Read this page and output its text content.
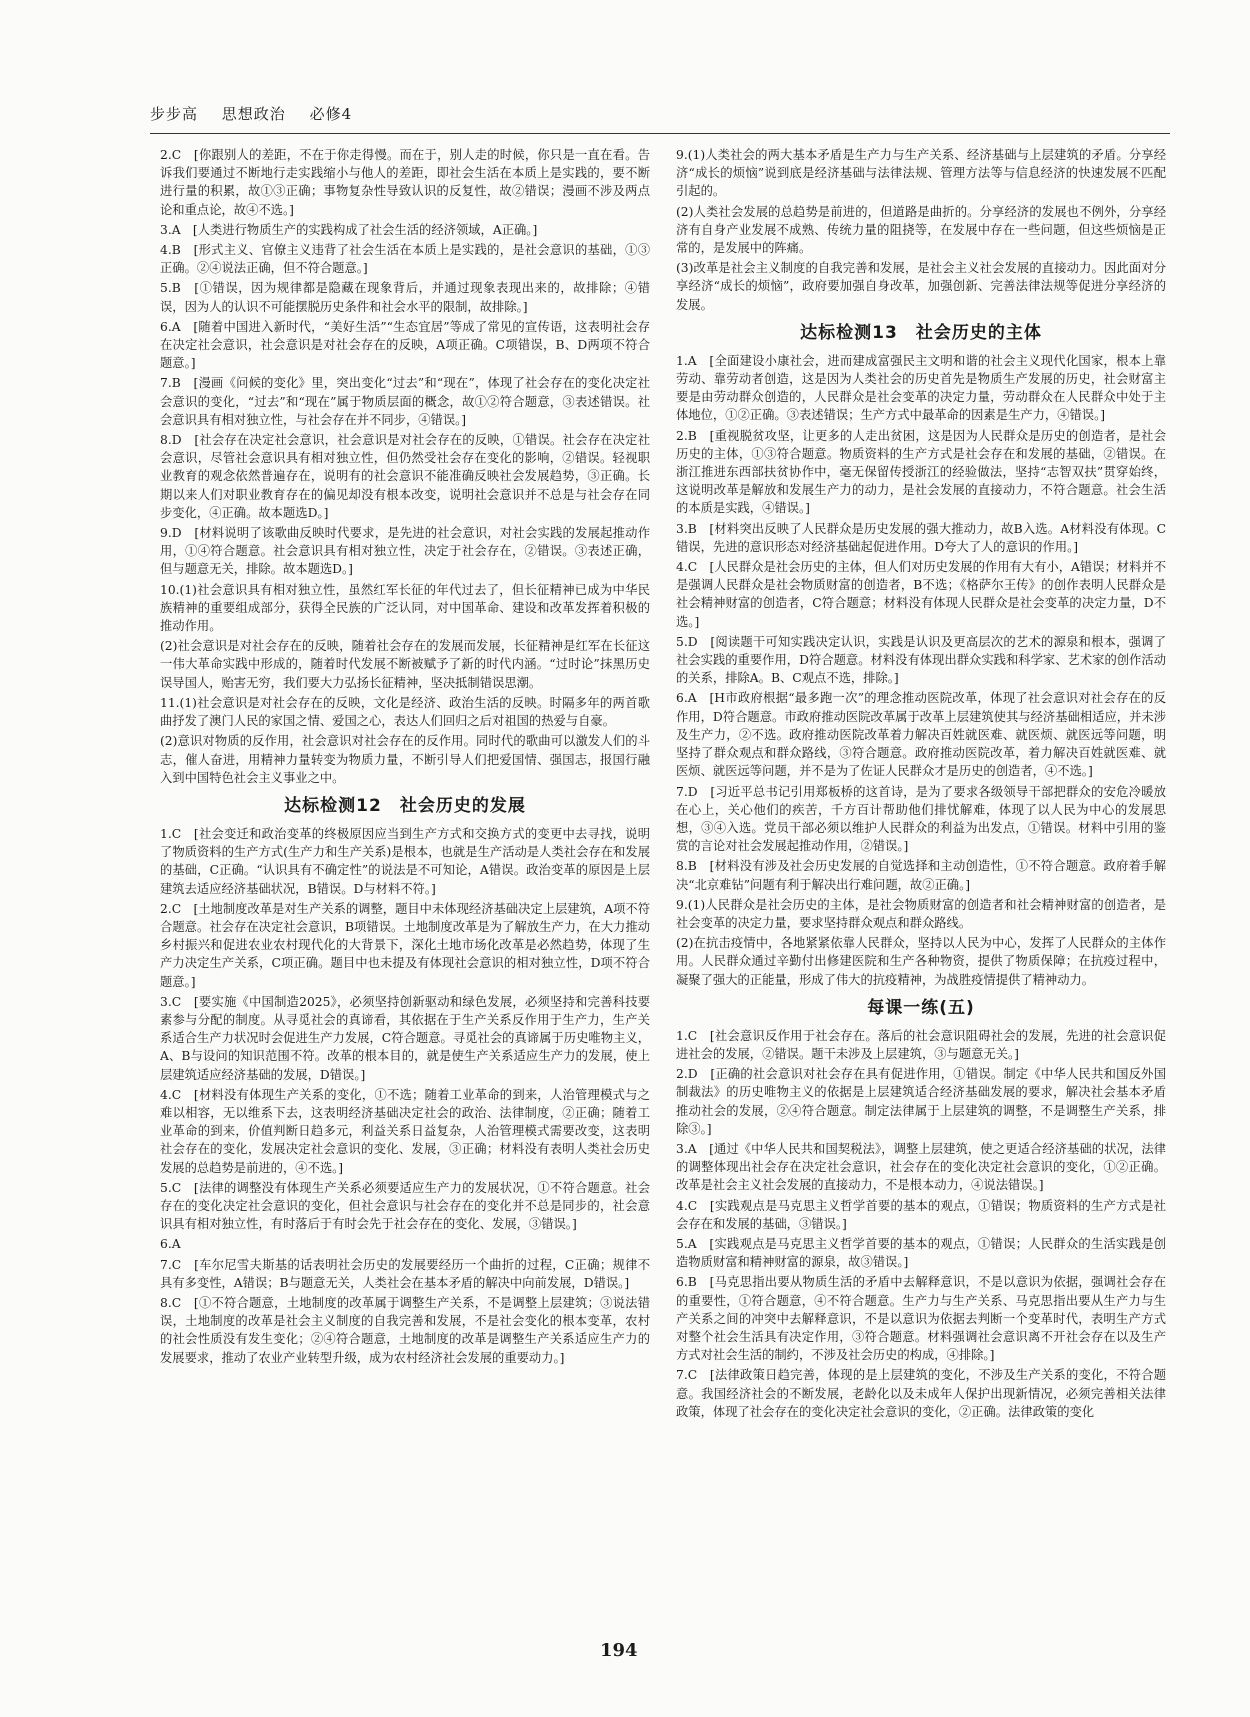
步步高 思想政治 必修4
2.C　[你跟别人的差距，不在于你走得慢。而在于，别人走的时候，你只是一直在看。告诉我们要通过不断地行走实践缩小与他人的差距，即社会生活在本质上是实践的，要不断进行量的积累，故①③正确；事物复杂性导致认识的反复性，故②错误；漫画不涉及两点论和重点论，故④不选。]
3.A　[人类进行物质生产的实践构成了社会生活的经济领域，A正确。]
4.B　[形式主义、官僚主义违背了社会生活在本质上是实践的，是社会意识的基础，①③正确。②④说法正确，但不符合题意。]
5.B　[①错误，因为规律都是隐藏在现象背后，并通过现象表现出来的，故排除；④错误，因为人的认识不可能摆脱历史条件和社会水平的限制，故排除。]
6.A　[随着中国进入新时代，“美好生活”“生态宜居”等成了常见的宣传语，这表明社会存在决定社会意识，社会意识是对社会存在的反映，A项正确。C项错误，B、D两项不符合题意。]
7.B　[漫画《问候的变化》里，突出变化“过去”和“现在”，体现了社会存在的变化决定社会意识的变化，“过去”和“现在”属于物质层面的概念，故①②符合题意，③表述错误。社会意识具有相对独立性，与社会存在并不同步，④错误。]
8.D　[社会存在决定社会意识，社会意识是对社会存在的反映，①错误。社会存在决定社会意识，尽管社会意识具有相对独立性，但仍然受社会存在变化的影响，②错误。轻视职业教育的观念依然普遍存在，说明有的社会意识不能准确反映社会发展趋势，③正确。长期以来人们对职业教育存在的偏见却没有根本改变，说明社会意识并不总是与社会存在同步变化，④正确。故本题选D。]
9.D　[材料说明了该歌曲反映时代要求，是先进的社会意识，对社会实践的发展起推动作用，①④符合题意。社会意识具有相对独立性，决定于社会存在，②错误。③表述正确，但与题意无关，排除。故本题选D。]
10.(1)社会意识具有相对独立性，虽然红军长征的年代过去了，但长征精神已成为中华民族精神的重要组成部分，获得全民族的广泛认同，对中国革命、建设和改革发挥着积极的推动作用。
(2)社会意识是对社会存在的反映，随着社会存在的发展而发展，长征精神是红军在长征这一伟大革命实践中形成的，随着时代发展不断被赋予了新的时代内涵。“过时论”抹黑历史误导国人，贻害无穷，我们要大力弘扬长征精神，坚决抵制错误思潮。
11.(1)社会意识是对社会存在的反映，文化是经济、政治生活的反映。时隔多年的两首歌曲抒发了澳门人民的家国之情、爱国之心，表达人们回归之后对祖国的热爱与自豪。
(2)意识对物质的反作用，社会意识对社会存在的反作用。同时代的歌曲可以激发人们的斗志，催人奋进，用精神力量转变为物质力量，不断引导人们把爱国情、强国志，报国行融入到中国特色社会主义事业之中。
达标检测12　社会历史的发展
1.C　[社会变迁和政治变革的终极原因应当到生产方式和交换方式的变更中去寻找，说明了物质资料的生产方式(生产力和生产关系)是根本，也就是生产活动是人类社会存在和发展的基础，C正确。“认识具有不确定性”的说法是不可知论，A错误。政治变革的原因是上层建筑去适应经济基础状况，B错误。D与材料不符。]
2.C　[土地制度改革是对生产关系的调整，题目中未体现经济基础决定上层建筑，A项不符合题意。社会存在决定社会意识，B项错误。土地制度改革是为了解放生产力，在大力推动乡村振兴和促进农业农村现代化的大背景下，深化土地市场化改革是必然趋势，体现了生产力决定生产关系，C项正确。题目中也未提及有体现社会意识的相对独立性，D项不符合题意。]
3.C　[要实施《中国制造2025》，必须坚持创新驱动和绿色发展，必须坚持和完善科技要素参与分配的制度。从寻觅社会的真谛看，其依据在于生产关系反作用于生产力，生产关系适合生产力状况时会促进生产力发展，C符合题意。寻觅社会的真谛属于历史唯物主义，A、B与设问的知识范围不符。改革的根本目的，就是使生产关系适应生产力的发展，使上层建筑适应经济基础的发展，D错误。]
4.C　[材料没有体现生产关系的变化，①不选；随着工业革命的到来，人治管理模式与之难以相容，无以维系下去，这表明经济基础决定社会的政治、法律制度，②正确；随着工业革命的到来，价值判断日趋多元，利益关系日益复杂，人治管理模式需要改变，这表明社会存在的变化，发展决定社会意识的变化、发展，③正确；材料没有表明人类社会历史发展的总趋势是前进的，④不选。]
5.C　[法律的调整没有体现生产关系必须要适应生产力的发展状况，①不符合题意。社会存在的变化决定社会意识的变化，但社会意识与社会存在的变化并不总是同步的，社会意识具有相对独立性，有时落后于有时会先于社会存在的变化、发展，③错误。]
6.A
7.C　[车尔尼雪夫斯基的话表明社会历史的发展要经历一个曲折的过程，C正确；规律不具有多变性，A错误；B与题意无关，人类社会在基本矛盾的解决中向前发展，D错误。]
8.C　[①不符合题意，土地制度的改革属于调整生产关系，不是调整上层建筑；③说法错误，土地制度的改革是社会主义制度的自我完善和发展，不是社会变化的根本变革，农村的社会性质没有发生变化；②④符合题意，土地制度的改革是调整生产关系适应生产力的发展要求，推动了农业产业转型升级，成为农村经济社会发展的重要动力。]
9.(1)人类社会的两大基本矛盾是生产力与生产关系、经济基础与上层建筑的矛盾。分享经济“成长的烦恼”说到底是经济基础与法律法规、管理方法等与信息经济的快速发展不匹配引起的。
(2)人类社会发展的总趋势是前进的，但道路是曲折的。分享经济的发展也不例外，分享经济有自身产业发展不成熟、传统力量的阻挠等，在发展中存在一些问题，但这些烦恼是正常的，是发展中的阵痛。
(3)改革是社会主义制度的自我完善和发展，是社会主义社会发展的直接动力。因此面对分享经济“成长的烦恼”，政府要加强自身改革，加强创新、完善法律法规等促进分享经济的发展。
达标检测13　社会历史的主体
1.A　[全面建设小康社会，进而建成富强民主文明和谐的社会主义现代化国家，根本上靠劳动、靠劳动者创造，这是因为人类社会的历史首先是物质生产发展的历史，社会财富主要是由劳动群众创造的，人民群众是社会变革的决定力量，劳动群众在人民群众中处于主体地位，①②正确。③表述错误；生产方式中最革命的因素是生产力，④错误。]
2.B　[重视脱贫攻坚，让更多的人走出贫困，这是因为人民群众是历史的创造者，是社会历史的主体，①③符合题意。物质资料的生产方式是社会存在和发展的基础，②错误。在浙江推进东西部扶贫协作中，毫无保留传授浙江的经验做法，坚持“志智双扶”贯穿始终，这说明改革是解放和发展生产力的动力，是社会发展的直接动力，不符合题意。社会生活的本质是实践，④错误。]
3.B　[材料突出反映了人民群众是历史发展的强大推动力，故B入选。A材料没有体现。C错误，先进的意识形态对经济基础起促进作用。D夸大了人的意识的作用。]
4.C　[人民群众是社会历史的主体，但人们对历史发展的作用有大有小，A错误；材料并不是强调人民群众是社会物质财富的创造者，B不选；《格萨尔王传》的创作表明人民群众是社会精神财富的创造者，C符合题意；材料没有体现人民群众是社会变革的决定力量，D不选。]
5.D　[阅读题干可知实践决定认识，实践是认识及更高层次的艺术的源泉和根本，强调了社会实践的重要作用，D符合题意。材料没有体现出群众实践和科学家、艺术家的创作活动的关系，排除A。B、C观点不选，排除。]
6.A　[H市政府根据“最多跑一次”的理念推动医院改革，体现了社会意识对社会存在的反作用，D符合题意。市政府推动医院改革属于改革上层建筑使其与经济基础相适应，并未涉及生产力，②不选。政府推动医院改革着力解决百姓就医难、就医烦、就医远等问题，明坚持了群众观点和群众路线，③符合题意。政府推动医院改革，着力解决百姓就医难、就医烦、就医远等问题，并不是为了佐证人民群众才是历史的创造者，④不选。]
7.D　[习近平总书记引用郑板桥的这首诗，是为了要求各级领导干部把群众的安危冷暖放在心上，关心他们的疾苦，千方百计帮助他们排忧解难，体现了以人民为中心的发展思想，③④入选。党员干部必须以维护人民群众的利益为出发点，①错误。材料中引用的鉴赏的言论对社会发展起推动作用，②错误。]
8.B　[材料没有涉及社会历史发展的自觉选择和主动创造性，①不符合题意。政府着手解决“北京难钻”问题有利于解决出行难问题，故②正确。]
9.(1)人民群众是社会历史的主体，是社会物质财富的创造者和社会精神财富的创造者，是社会变革的决定力量，要求坚持群众观点和群众路线。
(2)在抗击疫情中，各地紧紧依靠人民群众，坚持以人民为中心，发挥了人民群众的主体作用。人民群众通过辛勤付出修建医院和生产各种物资，提供了物质保障；在抗疫过程中，凝聚了强大的正能量，形成了伟大的抗疫精神，为战胜疫情提供了精神动力。
每课一练(五)
1.C　[社会意识反作用于社会存在。落后的社会意识阻碍社会的发展，先进的社会意识促进社会的发展，②错误。题干未涉及上层建筑，③与题意无关。]
2.D　[正确的社会意识对社会存在具有促进作用，①错误。制定《中华人民共和国反外国制裁法》的历史唯物主义的依据是上层建筑适合经济基础发展的要求，解决社会基本矛盾推动社会的发展，②④符合题意。制定法律属于上层建筑的调整，不是调整生产关系，排除③。]
3.A　[通过《中华人民共和国契税法》，调整上层建筑，使之更适合经济基础的状况，法律的调整体现出社会存在决定社会意识，社会存在的变化决定社会意识的变化，①②正确。改革是社会主义社会发展的直接动力，不是根本动力，④说法错误。]
4.C　[实践观点是马克思主义哲学首要的基本的观点，①错误；物质资料的生产方式是社会存在和发展的基础，③错误。]
5.A　[实践观点是马克思主义哲学首要的基本的观点，①错误；人民群众的生活实践是创造物质财富和精神财富的源泉，故③错误。]
6.B　[马克思指出要从物质生活的矛盾中去解释意识，不是以意识为依据，强调社会存在的重要性，①符合题意，④不符合题意。生产力与生产关系、马克思指出要从生产力与生产关系之间的冲突中去解释意识，不是以意识为依据去判断一个变革时代，表明生产方式对整个社会生活具有决定作用，③符合题意。材料强调社会意识离不开社会存在以及生产方式对社会生活的制约，不涉及社会历史的构成，④排除。]
7.C　[法律政策日趋完善，体现的是上层建筑的变化，不涉及生产关系的变化，不符合题意。我国经济社会的不断发展，老龄化以及未成年人保护出现新情况，必须完善相关法律政策，体现了社会存在的变化决定社会意识的变化，②正确。法律政策的变化
194
